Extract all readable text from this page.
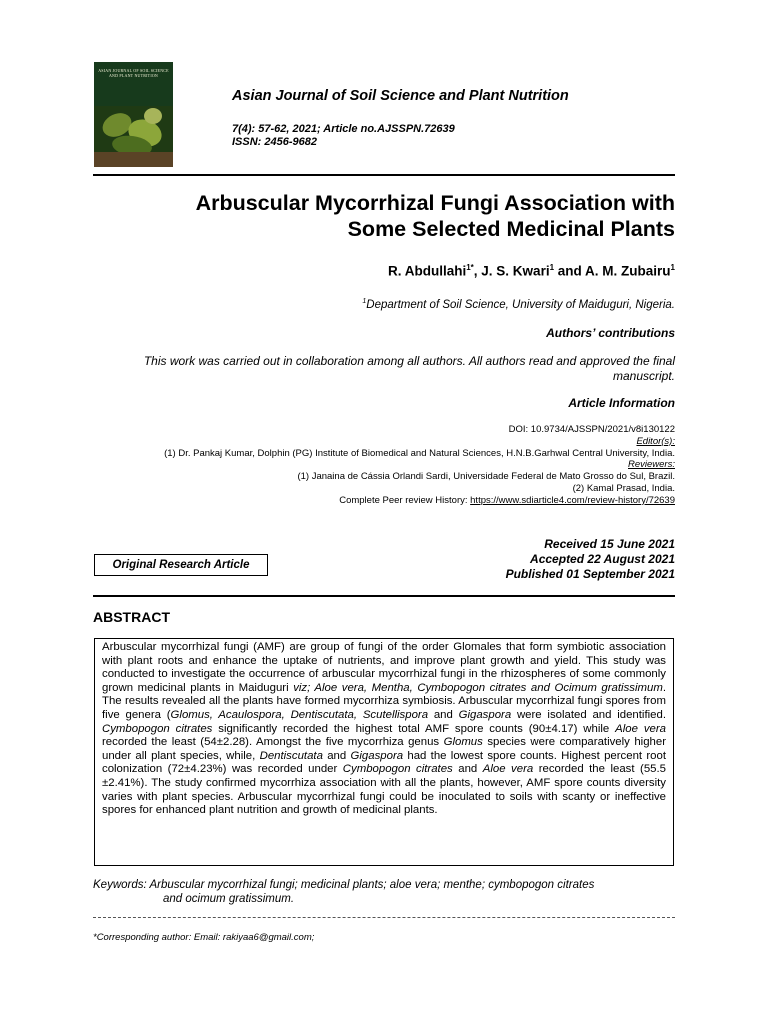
ASIAN JOURNAL OF SOIL SCIENCE AND PLANT NUTRITION
Asian Journal of Soil Science and Plant Nutrition
7(4): 57-62, 2021; Article no.AJSSPN.72639
ISSN: 2456-9682
Arbuscular Mycorrhizal Fungi Association with
Some Selected Medicinal Plants
R. Abdullahi$^{1*}$, J. S. Kwari$^1$ and A. M. Zubairu$^1$
$^1$Department of Soil Science, University of Maiduguri, Nigeria.
Authors’ contributions
This work was carried out in collaboration among all authors. All authors read and approved the final
manuscript.
Article Information
DOI: 10.9734/AJSSPN/2021/v8i130122
Editor(s):
(1) Dr. Pankaj Kumar, Dolphin (PG) Institute of Biomedical and Natural Sciences, H.N.B.Garhwal Central University, India.
Reviewers:
(1) Janaina de Cássia Orlandi Sardi, Universidade Federal de Mato Grosso do Sul, Brazil.
(2) Kamal Prasad, India.
Complete Peer review History: https://www.sdiarticle4.com/review-history/72639
Original Research Article
Received 15 June 2021
Accepted 22 August 2021
Published 01 September 2021
ABSTRACT
Arbuscular mycorrhizal fungi (AMF) are group of fungi of the order Glomales that form symbiotic association with plant roots and enhance the uptake of nutrients, and improve plant growth and yield. This study was conducted to investigate the occurrence of arbuscular mycorrhizal fungi in the rhizospheres of some commonly grown medicinal plants in Maiduguri viz; Aloe vera, Mentha, Cymbopogon citrates and Ocimum gratissimum. The results revealed all the plants have formed mycorrhiza symbiosis. Arbuscular mycorrhizal fungi spores from five genera (Glomus, Acaulospora, Dentiscutata, Scutellispora and Gigaspora were isolated and identified. Cymbopogon citrates significantly recorded the highest total AMF spore counts (90±4.17) while Aloe vera recorded the least (54±2.28). Amongst the five mycorrhiza genus Glomus species were comparatively higher under all plant species, while, Dentiscutata and Gigaspora had the lowest spore counts. Highest percent root colonization (72±4.23%) was recorded under Cymbopogon citrates and Aloe vera recorded the least (55.5 ±2.41%). The study confirmed mycorrhiza association with all the plants, however, AMF spore counts diversity varies with plant species. Arbuscular mycorrhizal fungi could be inoculated to soils with scanty or ineffective spores for enhanced plant nutrition and growth of medicinal plants.
Keywords: Arbuscular mycorrhizal fungi; medicinal plants; aloe vera; menthe; cymbopogon citrates
and ocimum gratissimum.
*Corresponding author: Email: rakiyaa6@gmail.com;
